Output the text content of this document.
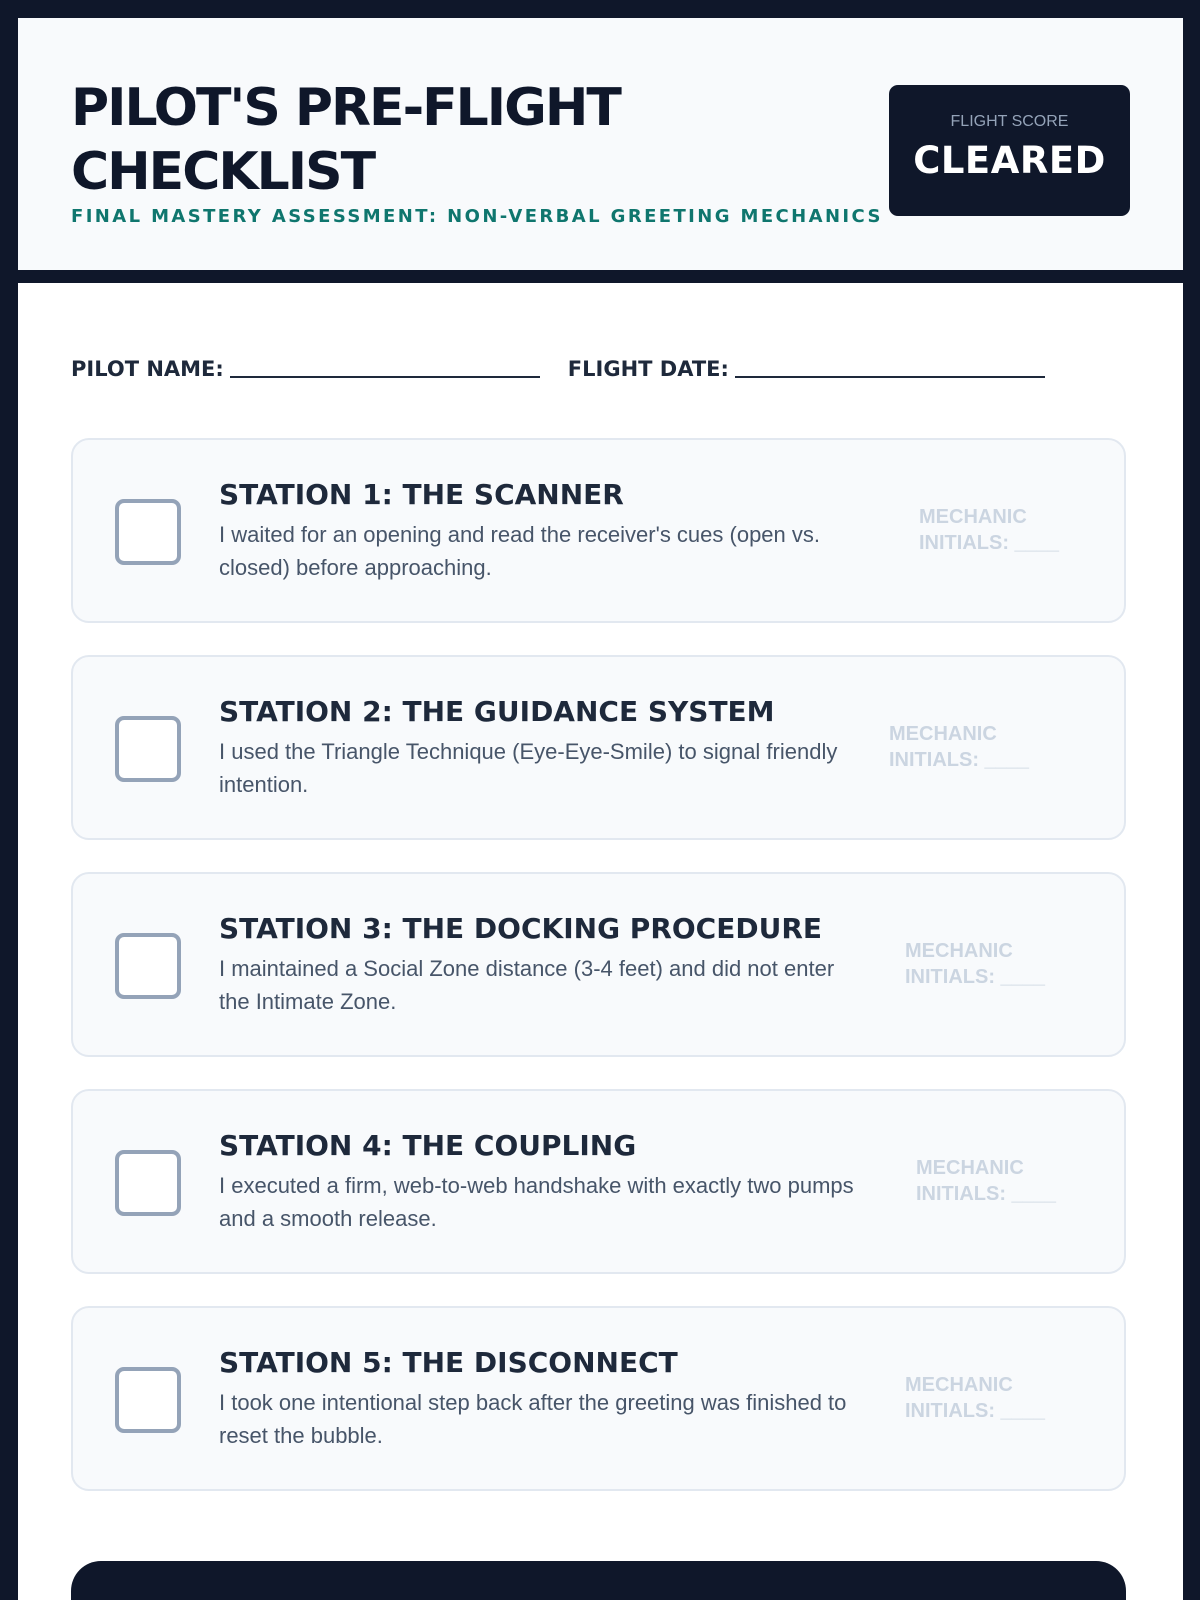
PILOT'S PRE-FLIGHT CHECKLIST
FINAL MASTERY ASSESSMENT: NON-VERBAL GREETING MECHANICS
FLIGHT SCORE
CLEARED
PILOT NAME:	FLIGHT DATE:
STATION 1: THE SCANNER
I waited for an opening and read the receiver's cues (open vs. closed) before approaching.
MECHANIC INITIALS: ____
STATION 2: THE GUIDANCE SYSTEM
I used the Triangle Technique (Eye-Eye-Smile) to signal friendly intention.
MECHANIC INITIALS: ____
STATION 3: THE DOCKING PROCEDURE
I maintained a Social Zone distance (3-4 feet) and did not enter the Intimate Zone.
MECHANIC INITIALS: ____
STATION 4: THE COUPLING
I executed a firm, web-to-web handshake with exactly two pumps and a smooth release.
MECHANIC INITIALS: ____
STATION 5: THE DISCONNECT
I took one intentional step back after the greeting was finished to reset the bubble.
MECHANIC INITIALS: ____
